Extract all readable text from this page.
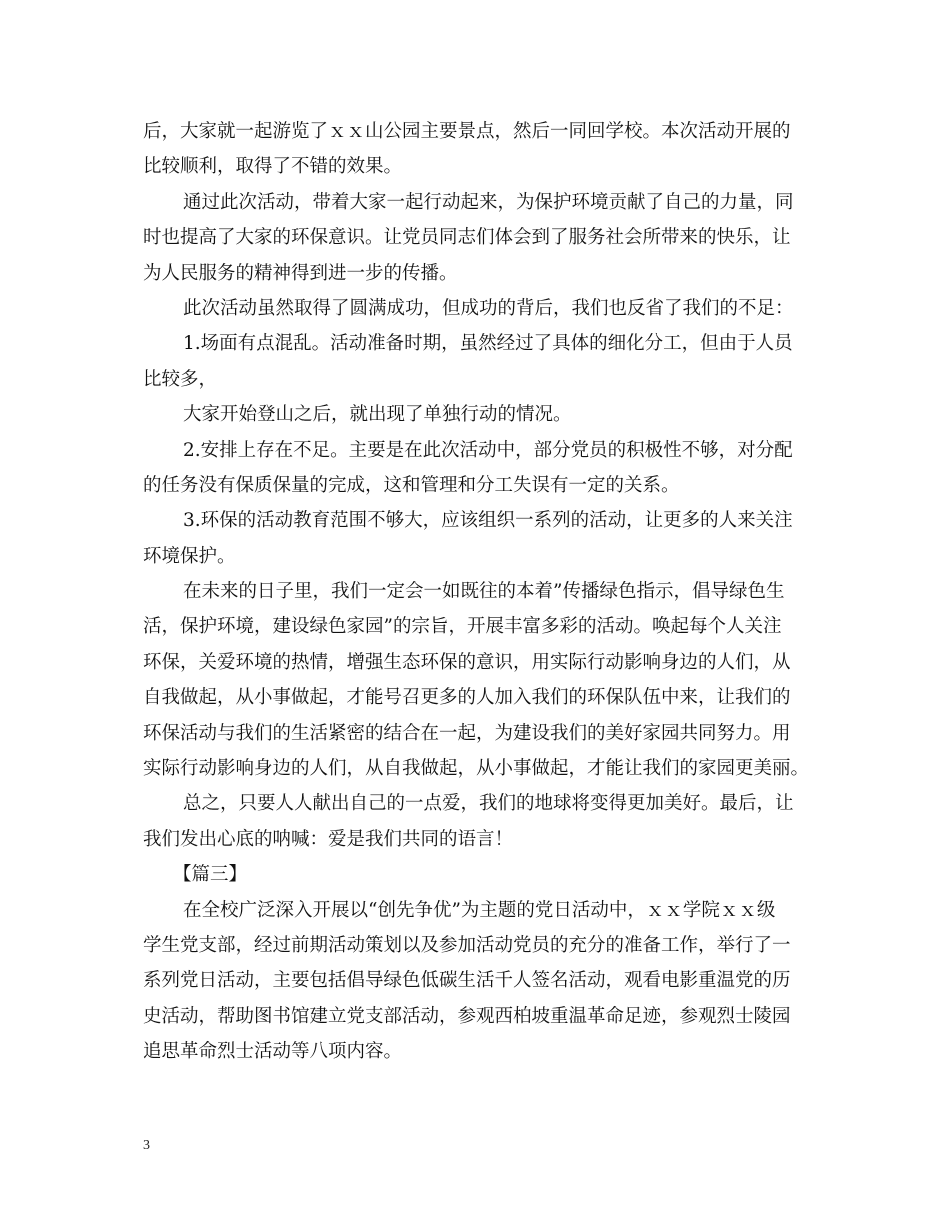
后，大家就一起游览了ｘｘ山公园主要景点，然后一同回学校。本次活动开展的
比较顺利，取得了不错的效果。
通过此次活动，带着大家一起行动起来，为保护环境贡献了自己的力量，同
时也提高了大家的环保意识。让党员同志们体会到了服务社会所带来的快乐，让
为人民服务的精神得到进一步的传播。
此次活动虽然取得了圆满成功，但成功的背后，我们也反省了我们的不足：
1.场面有点混乱。活动准备时期，虽然经过了具体的细化分工，但由于人员
比较多，
大家开始登山之后，就出现了单独行动的情况。
2.安排上存在不足。主要是在此次活动中，部分党员的积极性不够，对分配
的任务没有保质保量的完成，这和管理和分工失误有一定的关系。
3.环保的活动教育范围不够大，应该组织一系列的活动，让更多的人来关注
环境保护。
在未来的日子里，我们一定会一如既往的本着”传播绿色指示，倡导绿色生
活，保护环境，建设绿色家园”的宗旨，开展丰富多彩的活动。唤起每个人关注
环保，关爱环境的热情，增强生态环保的意识，用实际行动影响身边的人们，从
自我做起，从小事做起，才能号召更多的人加入我们的环保队伍中来，让我们的
环保活动与我们的生活紧密的结合在一起，为建设我们的美好家园共同努力。用
实际行动影响身边的人们，从自我做起，从小事做起，才能让我们的家园更美丽。
总之，只要人人献出自己的一点爱，我们的地球将变得更加美好。最后，让
我们发出心底的呐喊：爱是我们共同的语言！
【篇三】
在全校广泛深入开展以“创先争优”为主题的党日活动中，ｘｘ学院ｘｘ级
学生党支部，经过前期活动策划以及参加活动党员的充分的准备工作，举行了一
系列党日活动，主要包括倡导绿色低碳生活千人签名活动，观看电影重温党的历
史活动，帮助图书馆建立党支部活动，参观西柏坡重温革命足迹，参观烈士陵园
追思革命烈士活动等八项内容。
3
